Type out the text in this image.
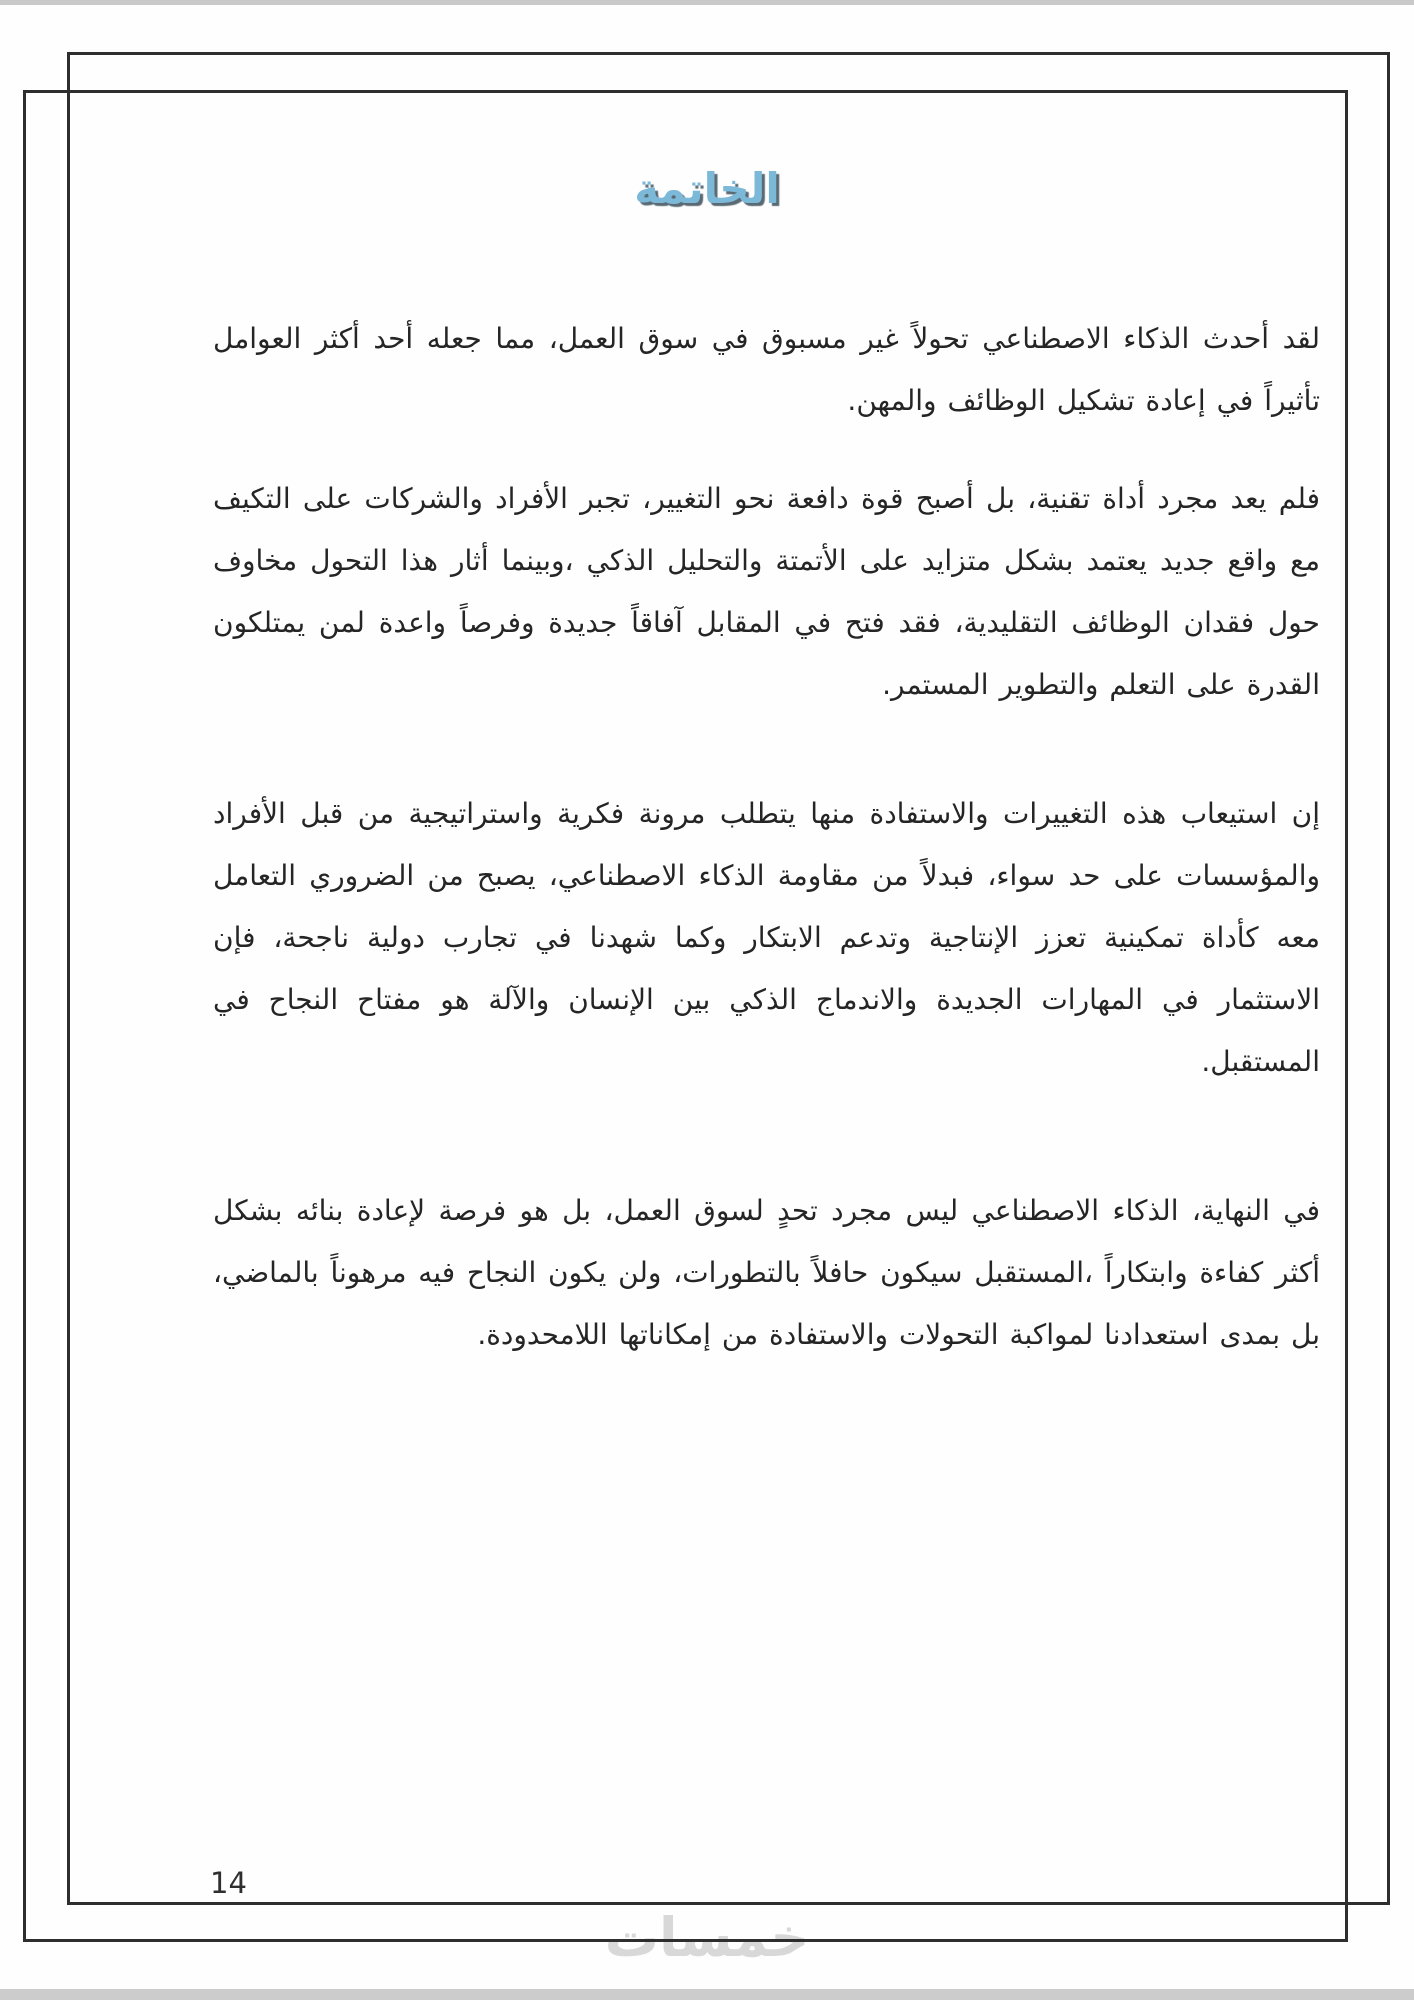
خمسات
الخاتمة

لقد أحدث الذكاء الاصطناعي تحولاً غير مسبوق في سوق العمل، مما جعله أحد أكثر العوامل تأثيراً في إعادة تشكيل الوظائف والمهن.

فلم يعد مجرد أداة تقنية، بل أصبح قوة دافعة نحو التغيير، تجبر الأفراد والشركات على التكيف مع واقع جديد يعتمد بشكل متزايد على الأتمتة والتحليل الذكي ،وبينما أثار هذا التحول مخاوف حول فقدان الوظائف التقليدية، فقد فتح في المقابل آفاقاً جديدة وفرصاً واعدة لمن يمتلكون القدرة على التعلم والتطوير المستمر.

إن استيعاب هذه التغييرات والاستفادة منها يتطلب مرونة فكرية واستراتيجية من قبل الأفراد والمؤسسات على حد سواء، فبدلاً من مقاومة الذكاء الاصطناعي، يصبح من الضروري التعامل معه كأداة تمكينية تعزز الإنتاجية وتدعم الابتكار وكما شهدنا في تجارب دولية ناجحة، فإن الاستثمار في المهارات الجديدة والاندماج الذكي بين الإنسان والآلة هو مفتاح النجاح في المستقبل.

في النهاية، الذكاء الاصطناعي ليس مجرد تحدٍ لسوق العمل، بل هو فرصة لإعادة بنائه بشكل أكثر كفاءة وابتكاراً ،المستقبل سيكون حافلاً بالتطورات، ولن يكون النجاح فيه مرهوناً بالماضي، بل بمدى استعدادنا لمواكبة التحولات والاستفادة من إمكاناتها اللامحدودة.

14
